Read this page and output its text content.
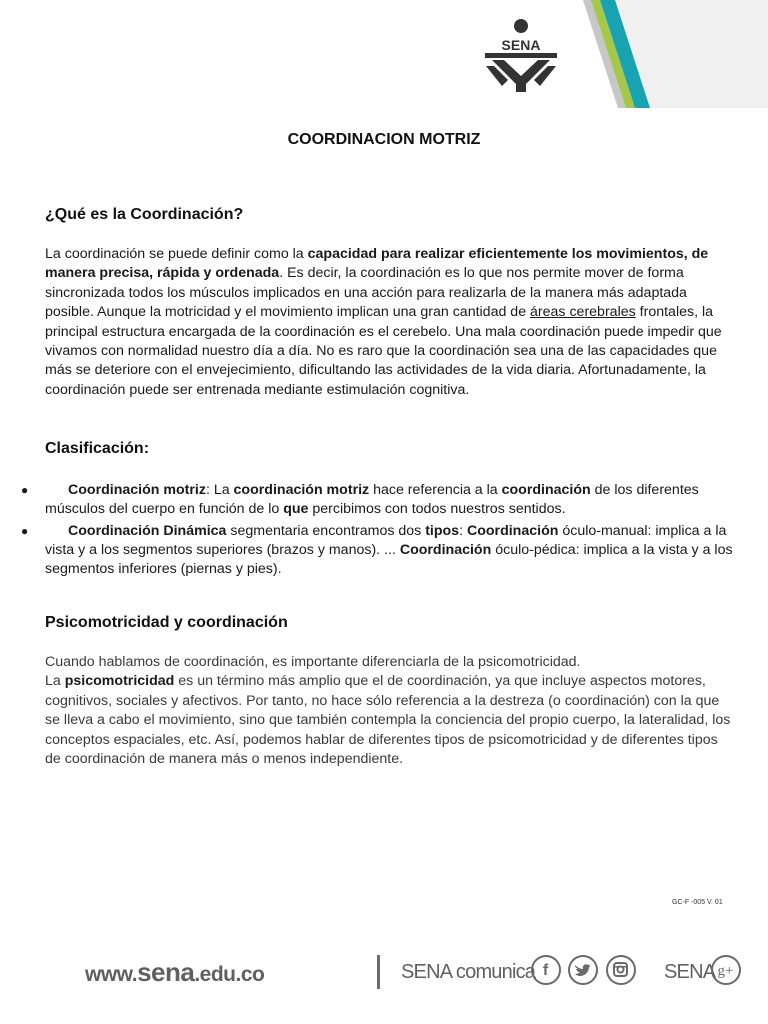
SENA
COORDINACION MOTRIZ
¿Qué es la Coordinación?
La coordinación se puede definir como la capacidad para realizar eficientemente los movimientos, de manera precisa, rápida y ordenada. Es decir, la coordinación es lo que nos permite mover de forma sincronizada todos los músculos implicados en una acción para realizarla de la manera más adaptada posible. Aunque la motricidad y el movimiento implican una gran cantidad de áreas cerebrales frontales, la principal estructura encargada de la coordinación es el cerebelo. Una mala coordinación puede impedir que vivamos con normalidad nuestro día a día. No es raro que la coordinación sea una de las capacidades que más se deteriore con el envejecimiento, dificultando las actividades de la vida diaria. Afortunadamente, la coordinación puede ser entrenada mediante estimulación cognitiva.
Clasificación:
●	Coordinación motriz: La coordinación motriz hace referencia a la coordinación de los diferentes músculos del cuerpo en función de lo que percibimos con todos nuestros sentidos.
●	Coordinación Dinámica segmentaria encontramos dos tipos: Coordinación óculo-manual: implica a la vista y a los segmentos superiores (brazos y manos). ... Coordinación óculo-pédica: implica a la vista y a los segmentos inferiores (piernas y pies).
Psicomotricidad y coordinación
Cuando hablamos de coordinación, es importante diferenciarla de la psicomotricidad.
La psicomotricidad es un término más amplio que el de coordinación, ya que incluye aspectos motores, cognitivos, sociales y afectivos. Por tanto, no hace sólo referencia a la destreza (o coordinación) con la que se lleva a cabo el movimiento, sino que también contempla la conciencia del propio cuerpo, la lateralidad, los conceptos espaciales, etc. Así, podemos hablar de diferentes tipos de psicomotricidad y de diferentes tipos de coordinación de manera más o menos independiente.
GC-F -005 V. 01
www.sena.edu.co	SENA comunica f	SENA g+
